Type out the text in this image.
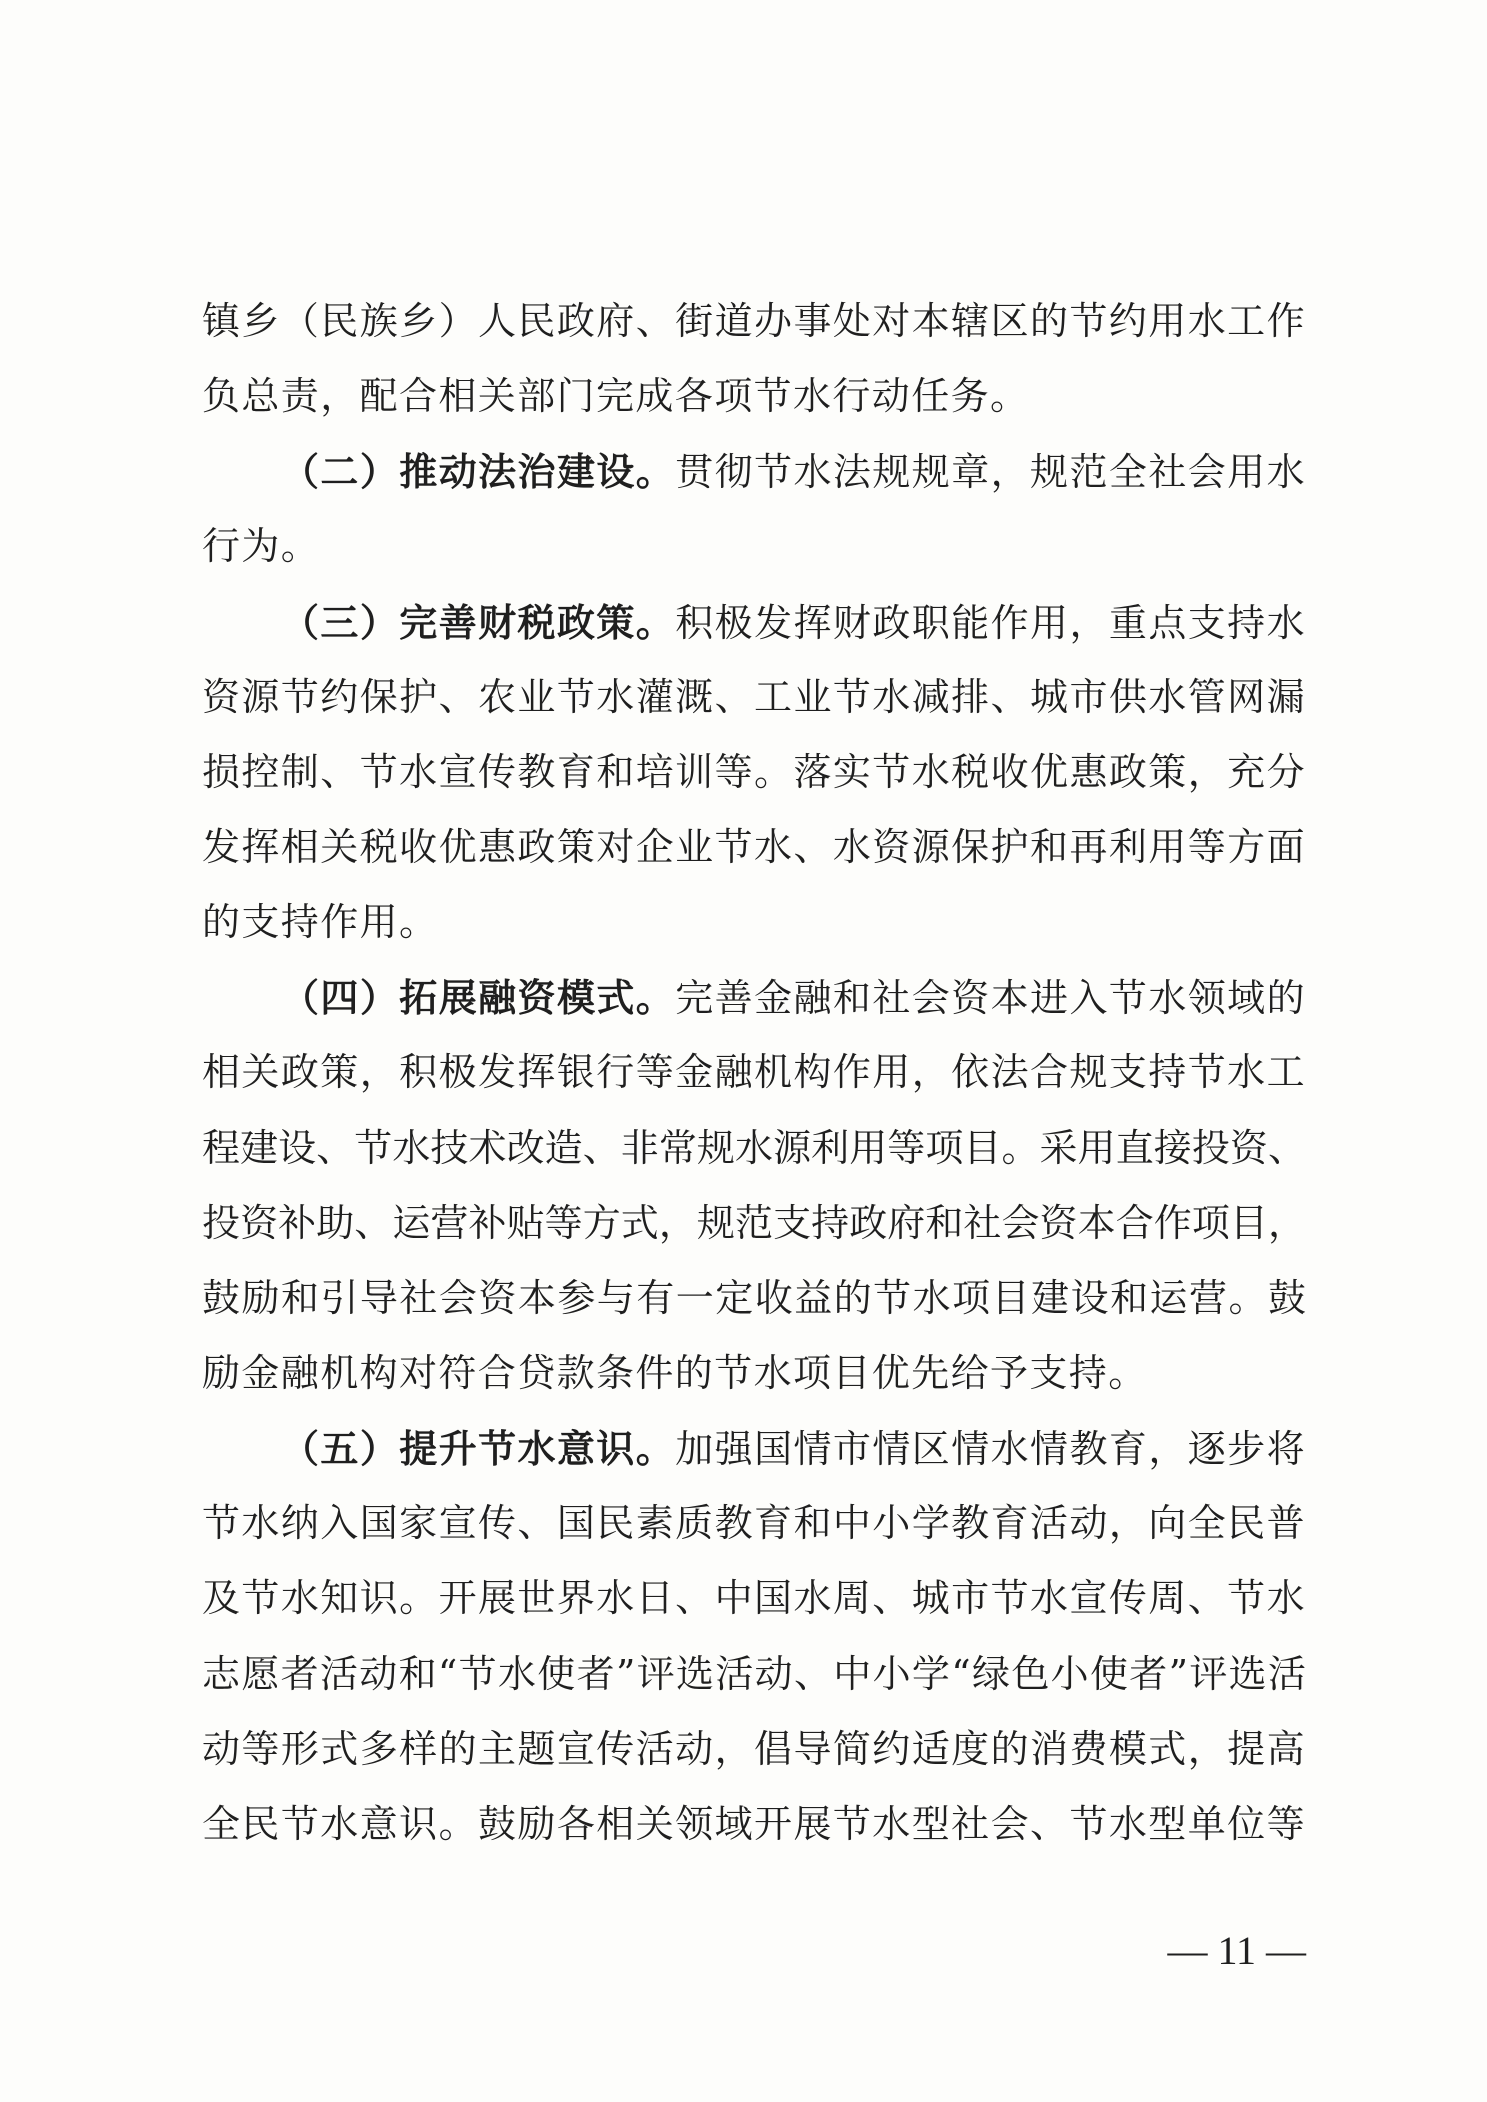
镇乡（民族乡）人民政府、街道办事处对本辖区的节约用水工作
负总责，配合相关部门完成各项节水行动任务。
（二）推动法治建设。贯彻节水法规规章，规范全社会用水
行为。
（三）完善财税政策。积极发挥财政职能作用，重点支持水
资源节约保护、农业节水灌溉、工业节水减排、城市供水管网漏
损控制、节水宣传教育和培训等。落实节水税收优惠政策，充分
发挥相关税收优惠政策对企业节水、水资源保护和再利用等方面
的支持作用。
（四）拓展融资模式。完善金融和社会资本进入节水领域的
相关政策，积极发挥银行等金融机构作用，依法合规支持节水工
程建设、节水技术改造、非常规水源利用等项目。采用直接投资、
投资补助、运营补贴等方式，规范支持政府和社会资本合作项目，
鼓励和引导社会资本参与有一定收益的节水项目建设和运营。鼓
励金融机构对符合贷款条件的节水项目优先给予支持。
（五）提升节水意识。加强国情市情区情水情教育，逐步将
节水纳入国家宣传、国民素质教育和中小学教育活动，向全民普
及节水知识。开展世界水日、中国水周、城市节水宣传周、节水
志愿者活动和“节水使者”评选活动、中小学“绿色小使者”评选活
动等形式多样的主题宣传活动，倡导简约适度的消费模式，提高
全民节水意识。鼓励各相关领域开展节水型社会、节水型单位等
— 11 —
